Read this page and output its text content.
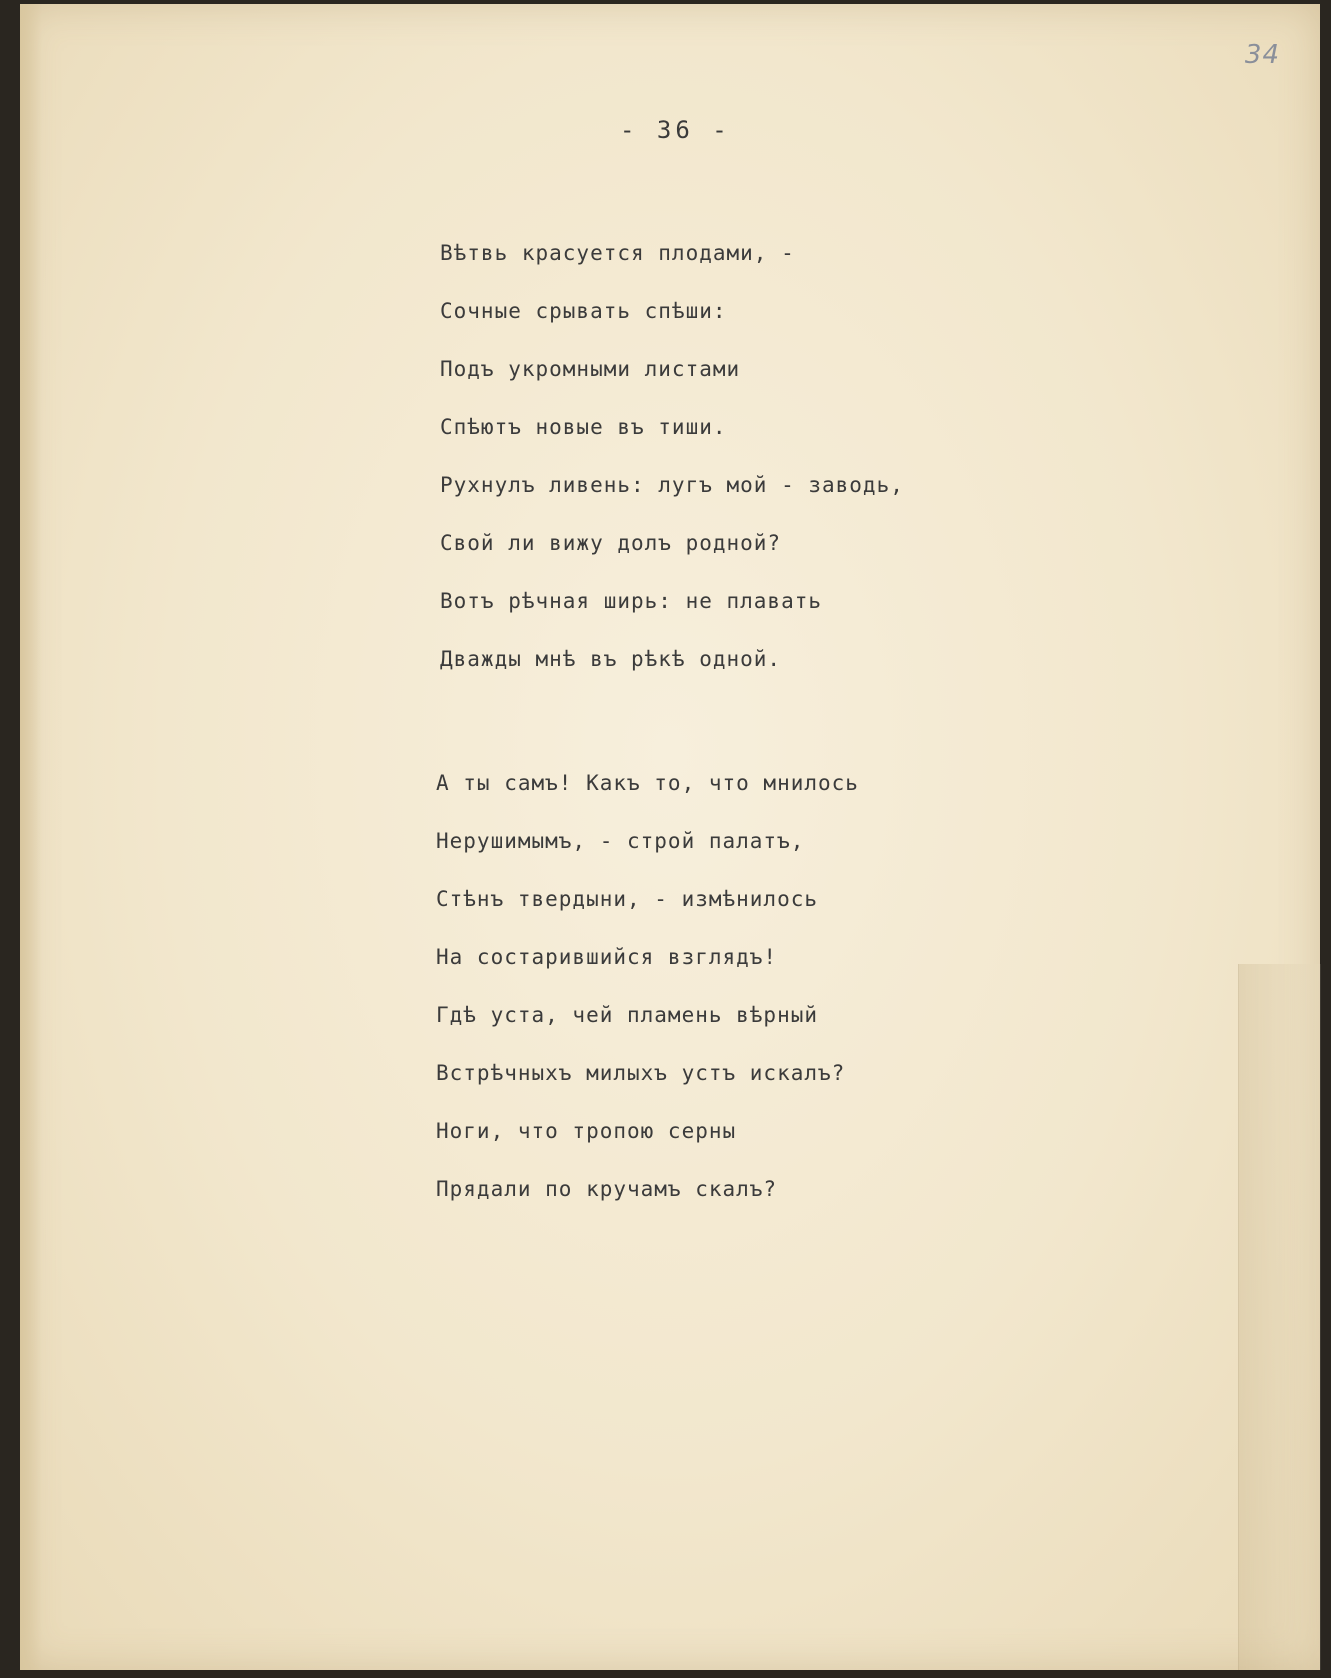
34
- 36 -
Вѣтвь красуется плодами, -
Сочные срывать спѣши:
Подъ укромными листами
Спѣютъ новые въ тиши.
Рухнулъ ливень: лугъ мой - заводь,
Свой ли вижу долъ родной?
Вотъ рѣчная ширь: не плавать
Дважды мнѣ въ рѣкѣ одной.
А ты самъ! Какъ то, что мнилось
Нерушимымъ, - строй палатъ,
Стѣнъ твердыни, - измѣнилось
На состарившийся взглядъ!
Гдѣ уста, чей пламень вѣрный
Встрѣчныхъ милыхъ устъ искалъ?
Ноги, что тропою серны
Прядали по кручамъ скалъ?
